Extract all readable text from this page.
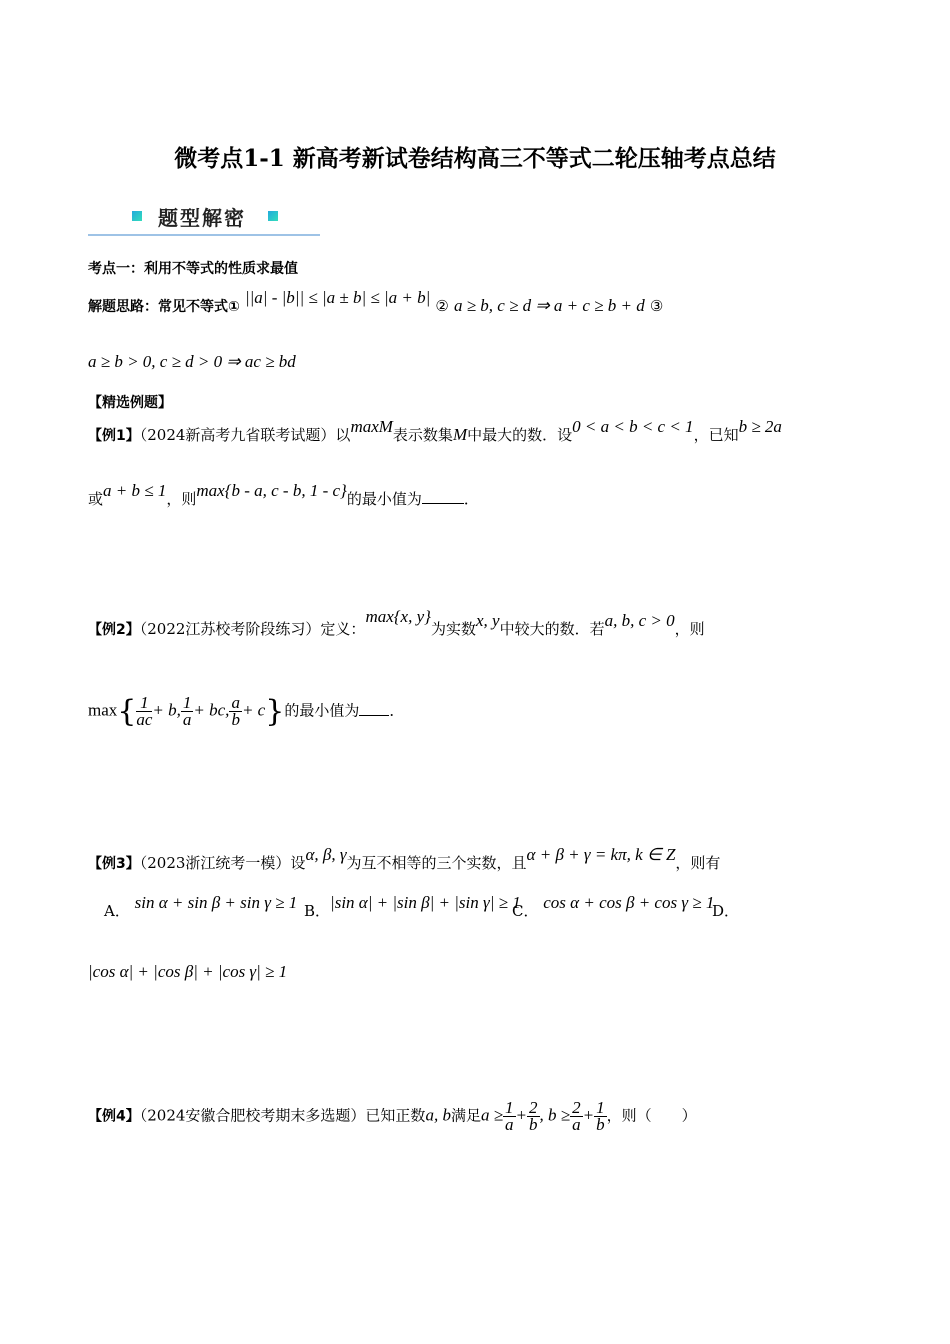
微考点1-1 新高考新试卷结构高三不等式二轮压轴考点总结
题型解密
考点一：利用不等式的性质求最值
解题思路：常见不等式① ||a| - |b|| ≤ |a ± b| ≤ |a + b| ② a ≥ b, c ≥ d ⇒ a + c ≥ b + d ③
a ≥ b > 0, c ≥ d > 0 ⇒ ac ≥ bd
【精选例题】
【例1】（2024新高考九省联考试题）以maxM表示数集M中最大的数．设0 < a < b < c < 1，已知b ≥ 2a
或a + b ≤ 1，则max{b - a, c - b, 1 - c}的最小值为	．
【例2】（2022江苏校考阶段练习）定义：max{x, y}为实数x, y中较大的数．若a, b, c > 0，则
$\max\{ \frac{1}{ac} + b$, $\frac{1}{a}$ + bc, $\frac{a}{b} + c$}的最小值为 ．
【例3】（2023浙江统考一模）设α, β, γ为互不相等的三个实数，且α + β + γ = kπ, k ∈ Z，则有
A． sin α + sin β + sin γ ≥ 1 B．|sin α| + |sin β| + |sin γ| ≥ 1
C． cos α + cos β + cos γ ≥ 1
D．
|cos α| + |cos β| + |cos γ| ≥ 1
【例4】（2024安徽合肥校考期末多选题）已知正数a, b满足$a \ge \frac{1}{a} + \frac{2}{b}$ , $b \ge \frac{2}{a} + \frac{1}{b}$ ，则（　　）
